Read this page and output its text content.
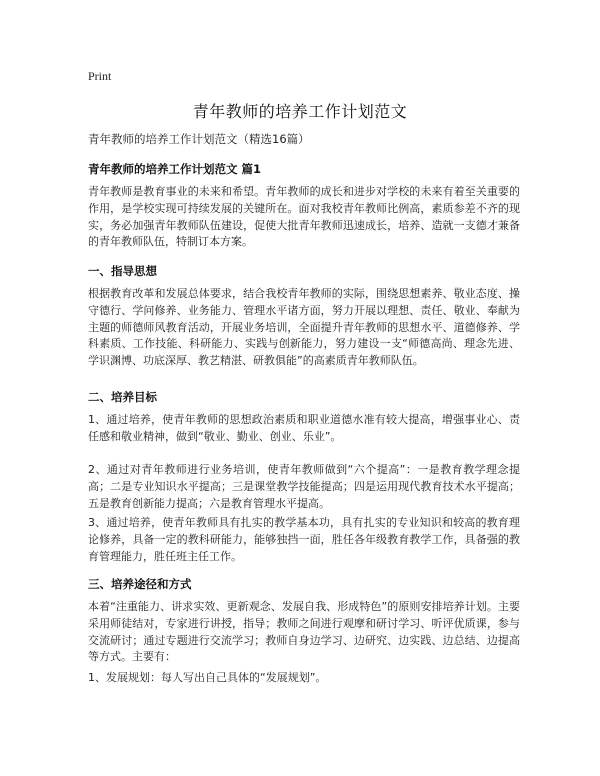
Print
青年教师的培养工作计划范文
青年教师的培养工作计划范文（精选16篇）
青年教师的培养工作计划范文 篇1
青年教师是教育事业的未来和希望。青年教师的成长和进步对学校的未来有着至关重要的作用，是学校实现可持续发展的关键所在。面对我校青年教师比例高，素质参差不齐的现实，务必加强青年教师队伍建设，促使大批青年教师迅速成长，培养、造就一支德才兼备的青年教师队伍，特制订本方案。
一、指导思想
根据教育改革和发展总体要求，结合我校青年教师的实际，围绕思想素养、敬业态度、操守德行、学问修养、业务能力、管理水平诸方面，努力开展以理想、责任、敬业、奉献为主题的师德师风教育活动，开展业务培训，全面提升青年教师的思想水平、道德修养、学科素质、工作技能、科研能力、实践与创新能力，努力建设一支“师德高尚、理念先进、学识渊博、功底深厚、教艺精湛、研教俱能”的高素质青年教师队伍。
二、培养目标
1、通过培养，使青年教师的思想政治素质和职业道德水准有较大提高，增强事业心、责任感和敬业精神，做到“敬业、勤业、创业、乐业”。
2、通过对青年教师进行业务培训，使青年教师做到“六个提高”：一是教育教学理念提高；二是专业知识水平提高；三是课堂教学技能提高；四是运用现代教育技术水平提高；五是教育创新能力提高；六是教育管理水平提高。
3、通过培养，使青年教师具有扎实的教学基本功，具有扎实的专业知识和较高的教育理论修养，具备一定的教科研能力，能够独挡一面，胜任各年级教育教学工作，具备强的教育管理能力，胜任班主任工作。
三、培养途径和方式
本着“注重能力、讲求实效、更新观念、发展自我、形成特色”的原则安排培养计划。主要采用师徒结对，专家进行讲授，指导；教师之间进行观摩和研讨学习、听评优质课，参与交流研讨；通过专题进行交流学习；教师自身边学习、边研究、边实践、边总结、边提高等方式。主要有：
1、发展规划：每人写出自己具体的“发展规划”。
